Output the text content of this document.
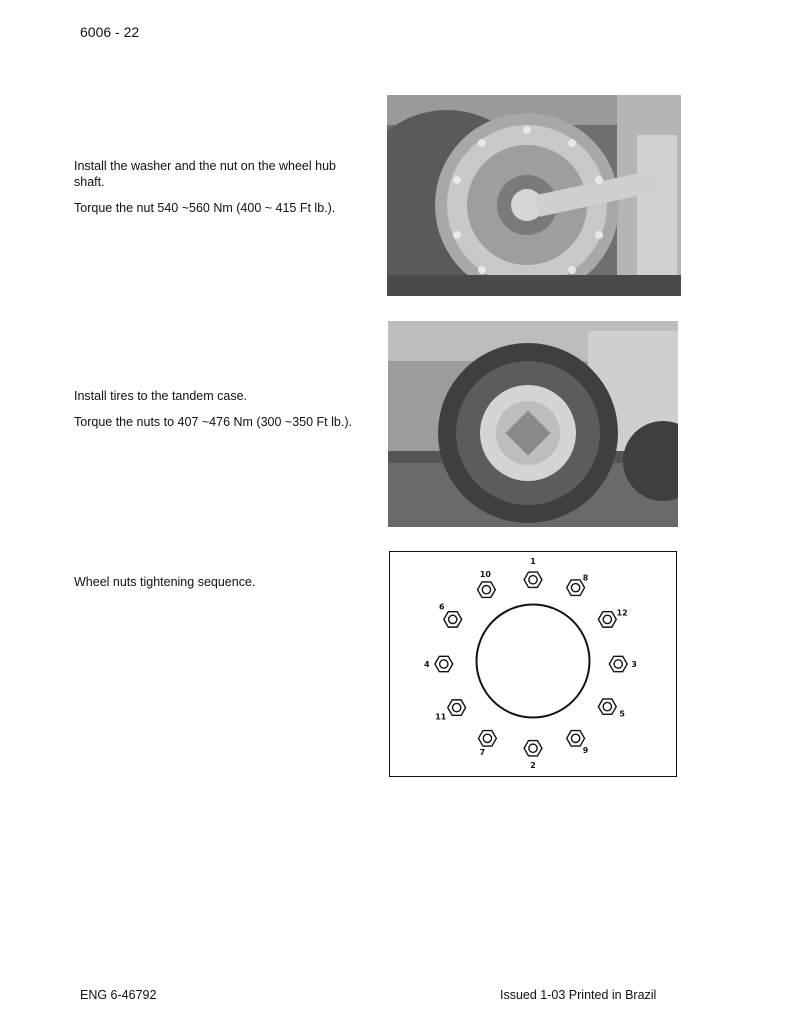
6006 - 22

Install the washer and the nut on the wheel hub shaft.

Torque the nut 540 ~560 Nm (400 ~ 415 Ft lb.).

Install tires to the tandem case.

Torque the nuts to 407 ~476 Nm (300 ~350 Ft lb.).

Wheel nuts tightening sequence.

1
2
3
4
5
6
7
8
9
10
11
12
ENG 6-46792	Issued 1-03 Printed in Brazil
